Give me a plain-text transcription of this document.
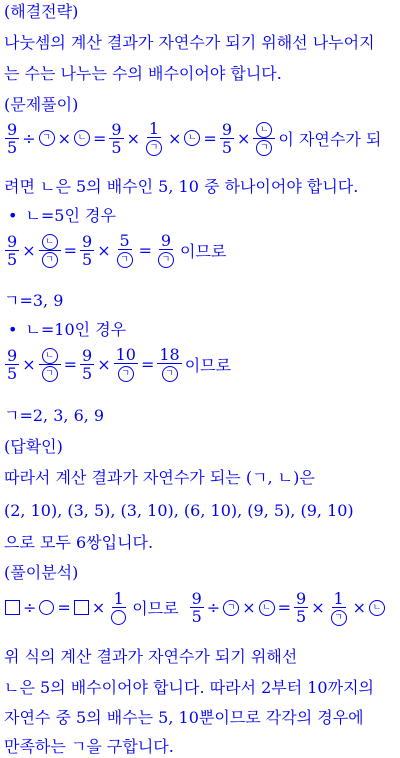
(해결전략)
나눗셈의 계산 결과가 자연수가 되기 위해선 나누어지
는 수는 나누는 수의 배수이어야 합니다.
(문제풀이)
$\frac{9}{5}$ ÷ ㄱ × ㄴ = $\frac{9}{5} \times \frac{1}{\text{ㄱ}}$ × ㄴ = $\frac{9}{5} \times \frac{\text{ㄴ}}{\text{ㄱ}}$ 이 자연수가 되
려면 ㄴ은 5의 배수인 5, 10 중 하나이어야 합니다.
• ㄴ=5인 경우
$\frac{9}{5} \times \frac{\text{ㄴ}}{\text{ㄱ}} = \frac{9}{5} \times \frac{5}{\text{ㄱ}} = \frac{9}{\text{ㄱ}}$ 이므로
ㄱ=3, 9
• ㄴ=10인 경우
$\frac{9}{5} \times \frac{\text{ㄴ}}{\text{ㄱ}} = \frac{9}{5} \times \frac{10}{\text{ㄱ}} = \frac{18}{\text{ㄱ}}$ 이므로
ㄱ=2, 3, 6, 9
(답확인)
따라서 계산 결과가 자연수가 되는 (ㄱ, ㄴ)은
(2, 10), (3, 5), (3, 10), (6, 10), (9, 5), (9, 10)
으로 모두 6쌍입니다.
(풀이분석)
÷ = × 1
이므로 $\frac{9}{5}$ ÷ ㄱ × ㄴ = $\frac{9}{5} \times \frac{1}{\text{ㄱ}}$ × ㄴ
위 식의 계산 결과가 자연수가 되기 위해선
ㄴ은 5의 배수이어야 합니다. 따라서 2부터 10까지의
자연수 중 5의 배수는 5, 10뿐이므로 각각의 경우에
만족하는 ㄱ을 구합니다.
